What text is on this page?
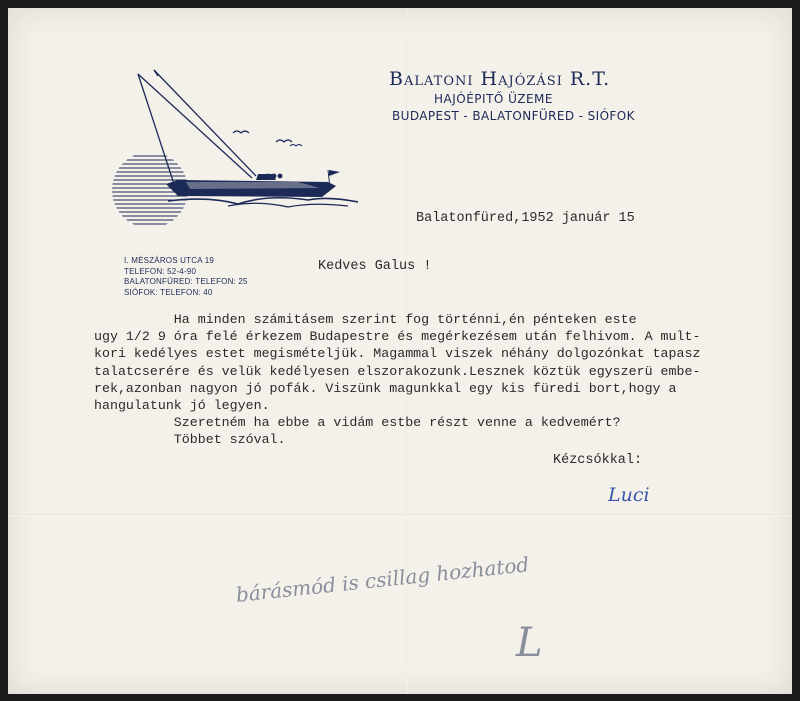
Balatoni Hajózási R.T.
HAJÓÉPITŐ ÜZEME
BUDAPEST - BALATONFÜRED - SIÓFOK
I. MÉSZÁROS UTCA 19
TELEFON: 52-4-90
BALATONFÜRED: TELEFON: 25
SIÓFOK: TELEFON: 40
Balatonfüred,1952 január 15
Kedves Galus !
Ha minden számitásem szerint fog történni,én pénteken este
ugy 1/2 9 óra felé érkezem Budapestre és megérkezésem után felhivom. A mult-
kori kedélyes estet megismételjük. Magammal viszek néhány dolgozónkat tapasz
talatcserére és velük kedélyesen elszorakozunk.Lesznek köztük egyszerü embe-
rek,azonban nagyon jó pofák. Viszünk magunkkal egy kis füredi bort,hogy a
hangulatunk jó legyen.
Szeretném ha ebbe a vidám estbe részt venne a kedvemért?
Többet szóval.
Kézcsókkal:
Luci
bárásmód is csillag hozhatod
L
